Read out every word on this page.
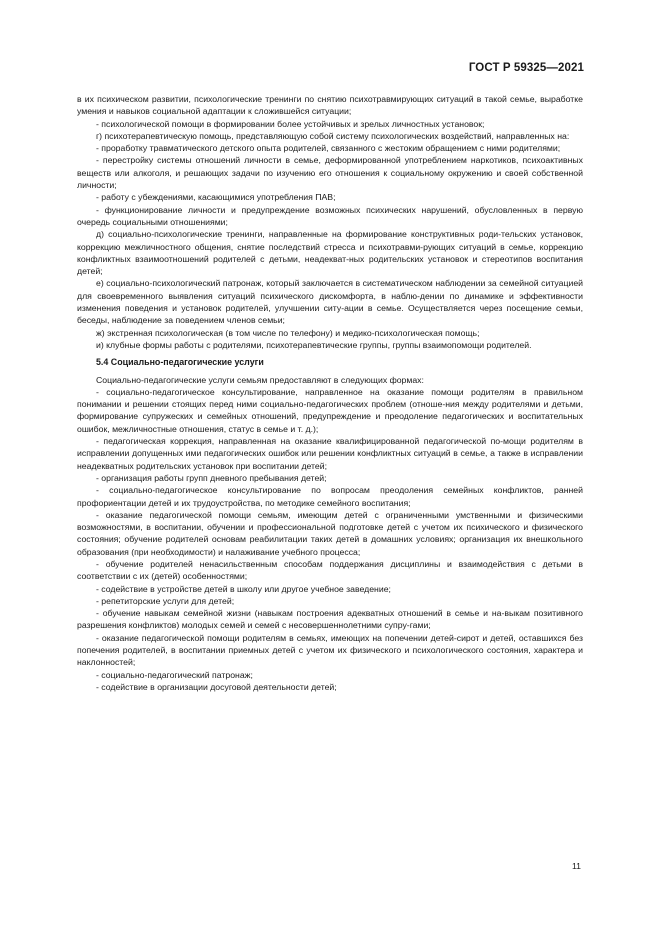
ГОСТ Р 59325—2021

в их психическом развитии, психологические тренинги по снятию психотравмирующих ситуаций в такой семье, выработке умения и навыков социальной адаптации к сложившейся ситуации;

- психологической помощи в формировании более устойчивых и зрелых личностных установок;

г) психотерапевтическую помощь, представляющую собой систему психологических воздействий, направленных на:

- проработку травматического детского опыта родителей, связанного с жестоким обращением с ними родителями;

- перестройку системы отношений личности в семье, деформированной употреблением наркотиков, психоактивных веществ или алкоголя, и решающих задачи по изучению его отношения к социальному окружению и своей собственной личности;

- работу с убеждениями, касающимися употребления ПАВ;

- функционирование личности и предупреждение возможных психических нарушений, обусловленных в первую очередь социальными отношениями;

д) социально-психологические тренинги, направленные на формирование конструктивных роди-тельских установок, коррекцию межличностного общения, снятие последствий стресса и психотравми-рующих ситуаций в семье, коррекцию конфликтных взаимоотношений родителей с детьми, неадекват-ных родительских установок и стереотипов воспитания детей;

е) социально-психологический патронаж, который заключается в систематическом наблюдении за семейной ситуацией для своевременного выявления ситуаций психического дискомфорта, в наблю-дении по динамике и эффективности изменения поведения и установок родителей, улучшении ситу-ации в семье. Осуществляется через посещение семьи, беседы, наблюдение за поведением членов семьи;

ж) экстренная психологическая (в том числе по телефону) и медико-психологическая помощь;

и) клубные формы работы с родителями, психотерапевтические группы, группы взаимопомощи родителей.

5.4 Социально-педагогические услуги

Социально-педагогические услуги семьям предоставляют в следующих формах:

- социально-педагогическое консультирование, направленное на оказание помощи родителям в правильном понимании и решении стоящих перед ними социально-педагогических проблем (отноше-ния между родителями и детьми, формирование супружеских и семейных отношений, предупреждение и преодоление педагогических и воспитательных ошибок, межличностные отношения, статус в семье и т. д.);

- педагогическая коррекция, направленная на оказание квалифицированной педагогической по-мощи родителям в исправлении допущенных ими педагогических ошибок или решении конфликтных ситуаций в семье, а также в исправлении неадекватных родительских установок при воспитании детей;

- организация работы групп дневного пребывания детей;

- социально-педагогическое консультирование по вопросам преодоления семейных конфликтов, ранней профориентации детей и их трудоустройства, по методике семейного воспитания;

- оказание педагогической помощи семьям, имеющим детей с ограниченными умственными и физическими возможностями, в воспитании, обучении и профессиональной подготовке детей с учетом их психического и физического состояния; обучение родителей основам реабилитации таких детей в домашних условиях; организация их внешкольного образования (при необходимости) и налаживание учебного процесса;

- обучение родителей ненасильственным способам поддержания дисциплины и взаимодействия с детьми в соответствии с их (детей) особенностями;

- содействие в устройстве детей в школу или другое учебное заведение;

- репетиторские услуги для детей;

- обучение навыкам семейной жизни (навыкам построения адекватных отношений в семье и на-выкам позитивного разрешения конфликтов) молодых семей и семей с несовершеннолетними супру-гами;

- оказание педагогической помощи родителям в семьях, имеющих на попечении детей-сирот и детей, оставшихся без попечения родителей, в воспитании приемных детей с учетом их физического и психологического состояния, характера и наклонностей;

- социально-педагогический патронаж;

- содействие в организации досуговой деятельности детей;

11
